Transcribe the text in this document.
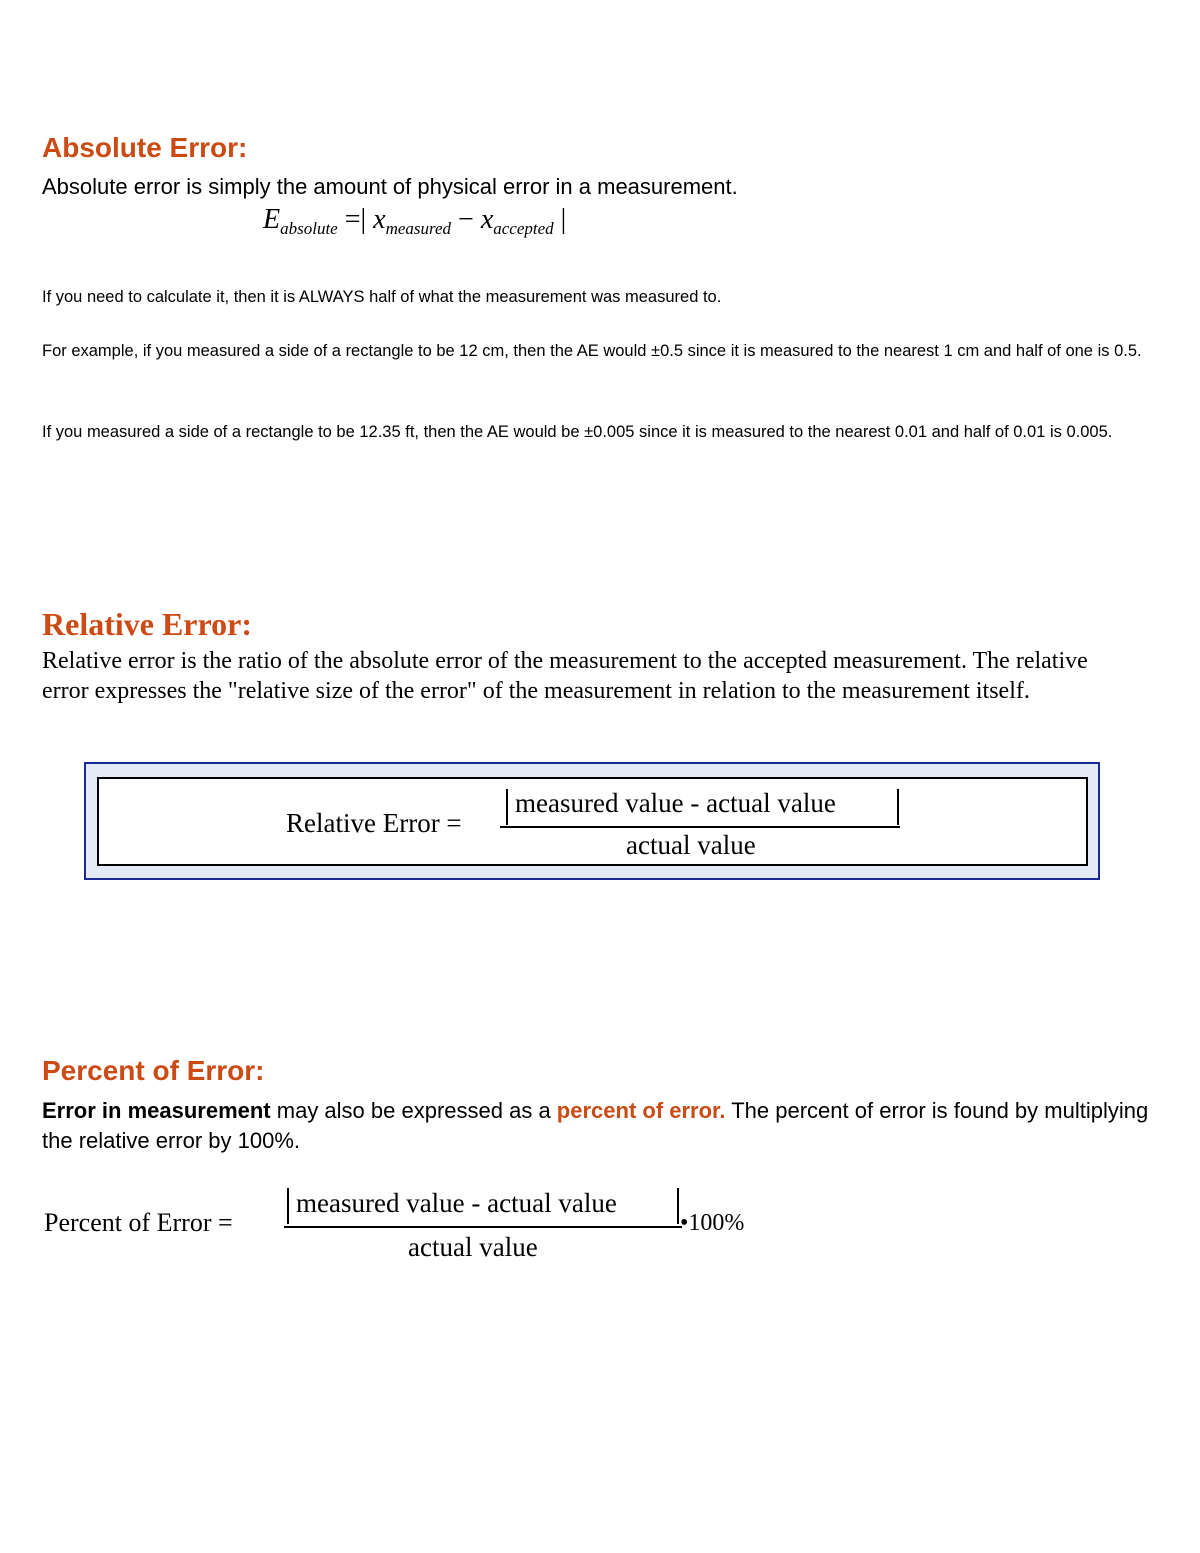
Absolute Error:
Absolute error is simply the amount of physical error in a measurement.
$E_{absolute}$ =| $x_{measured} - x_{accepted}$ |
If you need to calculate it, then it is ALWAYS half of what the measurement was measured to.
For example, if you measured a side of a rectangle to be 12 cm, then the AE would ±0.5 since it is measured to the nearest 1 cm and half of one is 0.5.
If you measured a side of a rectangle to be 12.35 ft, then the AE would be ±0.005 since it is measured to the nearest 0.01 and half of 0.01 is 0.005.
Relative Error:
Relative error is the ratio of the absolute error of the measurement to the accepted measurement. The relative error expresses the "relative size of the error" of the measurement in relation to the measurement itself.
Relative Error =
measured value - actual value
actual value
Percent of Error:
Error in measurement may also be expressed as a percent of error. The percent of error is found by multiplying the relative error by 100%.
Percent of Error =
measured value - actual value
actual value
•100%
